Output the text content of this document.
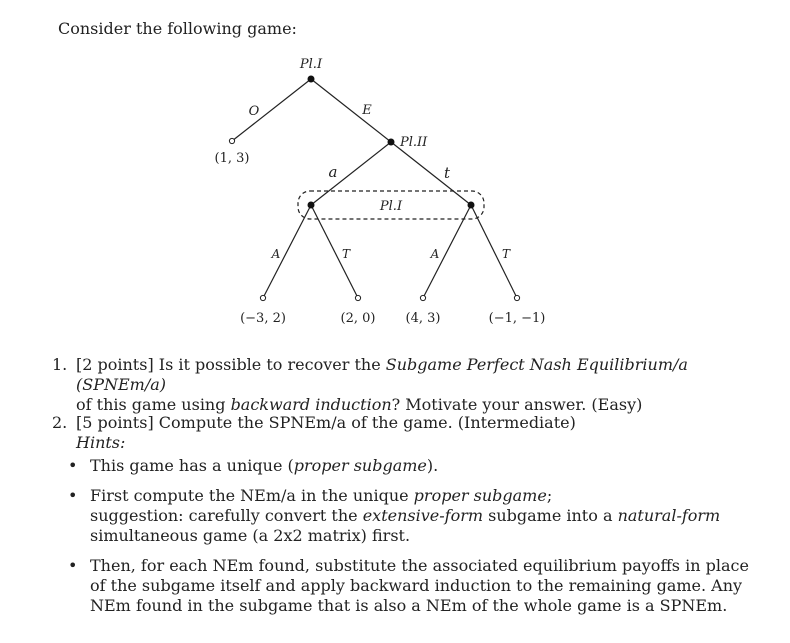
Consider the following game:
Pl.I
O	E
(1, 3)
Pl.II
a	t
Pl.I
A	T	A	T
(−3, 2)	(2, 0) (4, 3)	(−1, −1)
1. [2 points] Is it possible to recover the Subgame Perfect Nash Equilibrium/a (SPNEm/a)
of this game using backward induction? Motivate your answer. (Easy)
2. [5 points] Compute the SPNEm/a of the game. (Intermediate)
Hints:
• This game has a unique (proper subgame).
• First compute the NEm/a in the unique proper subgame;
suggestion: carefully convert the extensive-form subgame into a natural-form
simultaneous game (a 2x2 matrix) first.
• Then, for each NEm found, substitute the associated equilibrium payoffs in place
of the subgame itself and apply backward induction to the remaining game. Any
NEm found in the subgame that is also a NEm of the whole game is a SPNEm.
